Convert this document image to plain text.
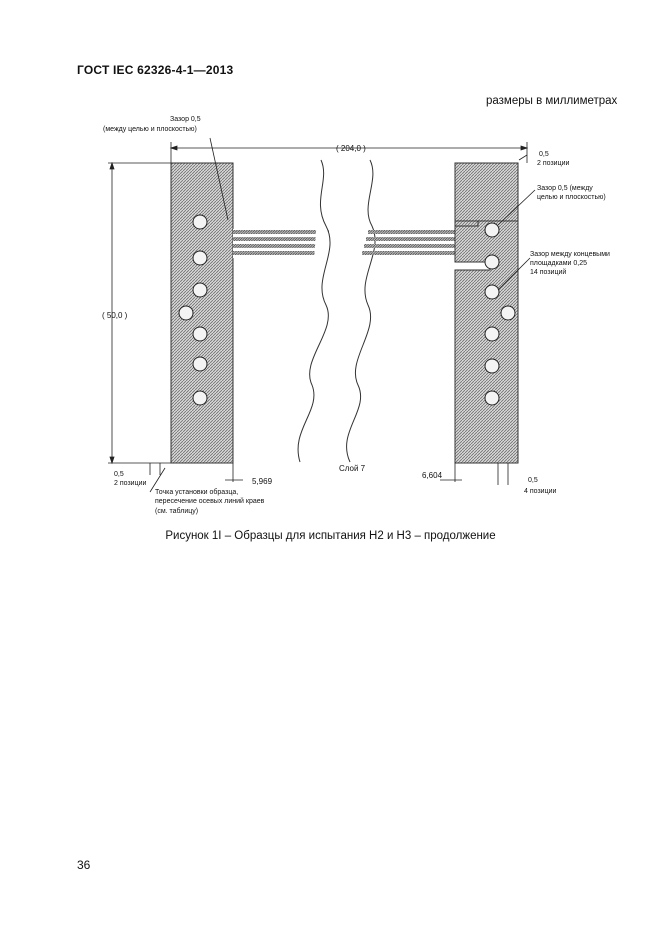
ГОСТ IEC 62326-4-1—2013
размеры в миллиметрах
Зазор 0,5
(между целью и плоскостью)
( 204,0 )
0,5
2 позиции
Зазор 0,5 (между
целью и плоскостью)
Зазор между концевыми
площадками 0,25
14 позиций
( 50,0 )
0,5
2 позиции	5,969
Слой 7
6,604
0,5
4 позиции
Точка установки образца,
пересечение осевых линий краев
(см. таблицу)
Рисунок 1I – Образцы для испытания H2 и H3 – продолжение
36
